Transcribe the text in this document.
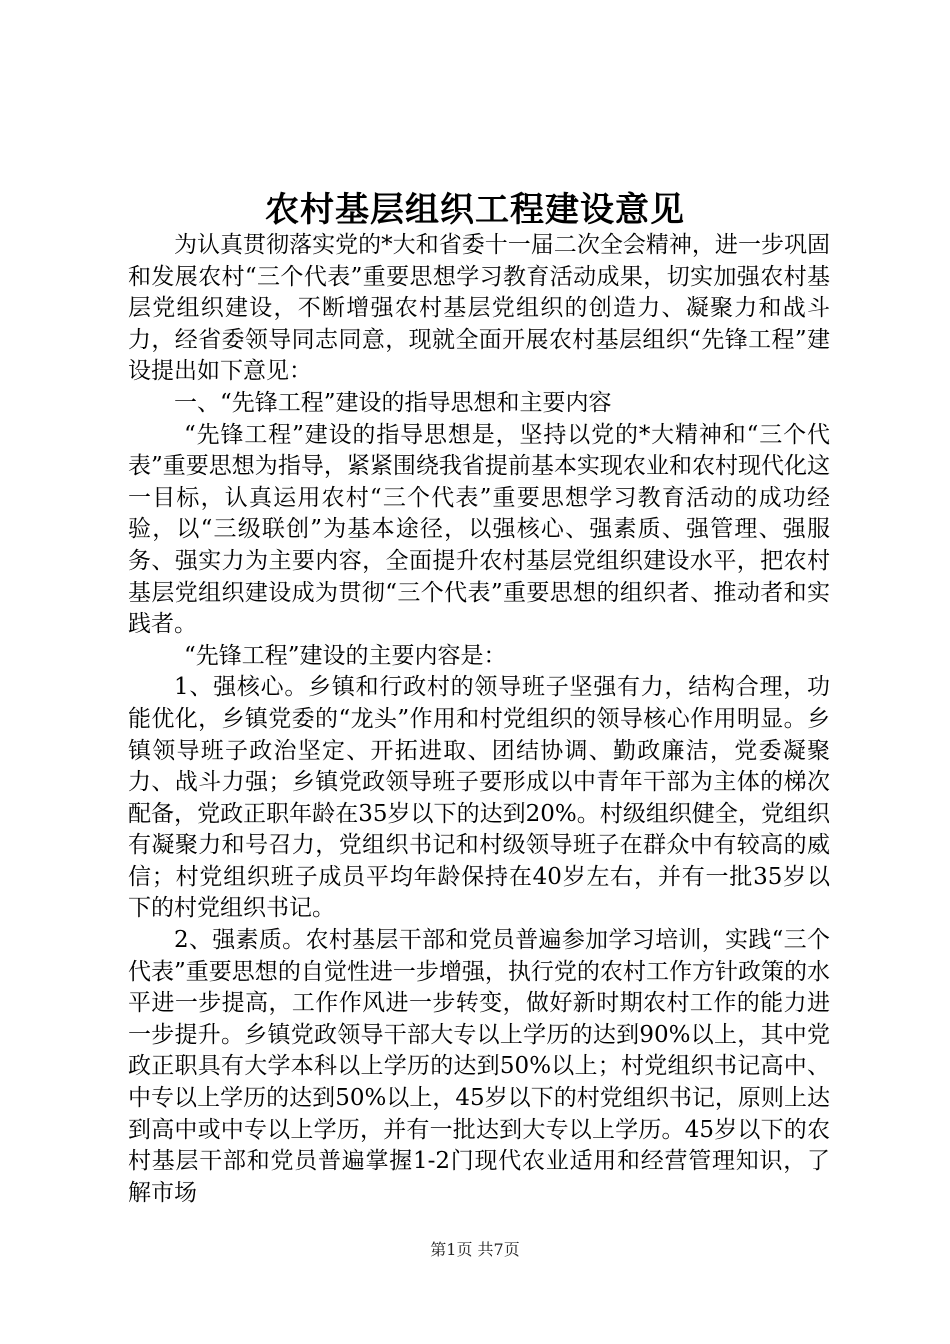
农村基层组织工程建设意见

为认真贯彻落实党的*大和省委十一届二次全会精神，进一步巩固和发展农村“三个代表”重要思想学习教育活动成果，切实加强农村基层党组织建设，不断增强农村基层党组织的创造力、凝聚力和战斗力，经省委领导同志同意，现就全面开展农村基层组织“先锋工程”建设提出如下意见：

一、“先锋工程”建设的指导思想和主要内容

“先锋工程”建设的指导思想是，坚持以党的*大精神和“三个代表”重要思想为指导，紧紧围绕我省提前基本实现农业和农村现代化这一目标，认真运用农村“三个代表”重要思想学习教育活动的成功经验，以“三级联创”为基本途径，以强核心、强素质、强管理、强服务、强实力为主要内容，全面提升农村基层党组织建设水平，把农村基层党组织建设成为贯彻“三个代表”重要思想的组织者、推动者和实践者。

“先锋工程”建设的主要内容是：

1、强核心。乡镇和行政村的领导班子坚强有力，结构合理，功能优化，乡镇党委的“龙头”作用和村党组织的领导核心作用明显。乡镇领导班子政治坚定、开拓进取、团结协调、勤政廉洁，党委凝聚力、战斗力强；乡镇党政领导班子要形成以中青年干部为主体的梯次配备，党政正职年龄在35岁以下的达到20%。村级组织健全，党组织有凝聚力和号召力，党组织书记和村级领导班子在群众中有较高的威信；村党组织班子成员平均年龄保持在40岁左右，并有一批35岁以下的村党组织书记。

2、强素质。农村基层干部和党员普遍参加学习培训，实践“三个代表”重要思想的自觉性进一步增强，执行党的农村工作方针政策的水平进一步提高，工作作风进一步转变，做好新时期农村工作的能力进一步提升。乡镇党政领导干部大专以上学历的达到90%以上，其中党政正职具有大学本科以上学历的达到50%以上；村党组织书记高中、中专以上学历的达到50%以上，45岁以下的村党组织书记，原则上达到高中或中专以上学历，并有一批达到大专以上学历。45岁以下的农村基层干部和党员普遍掌握1-2门现代农业适用和经营管理知识，了解市场

第1页 共7页
